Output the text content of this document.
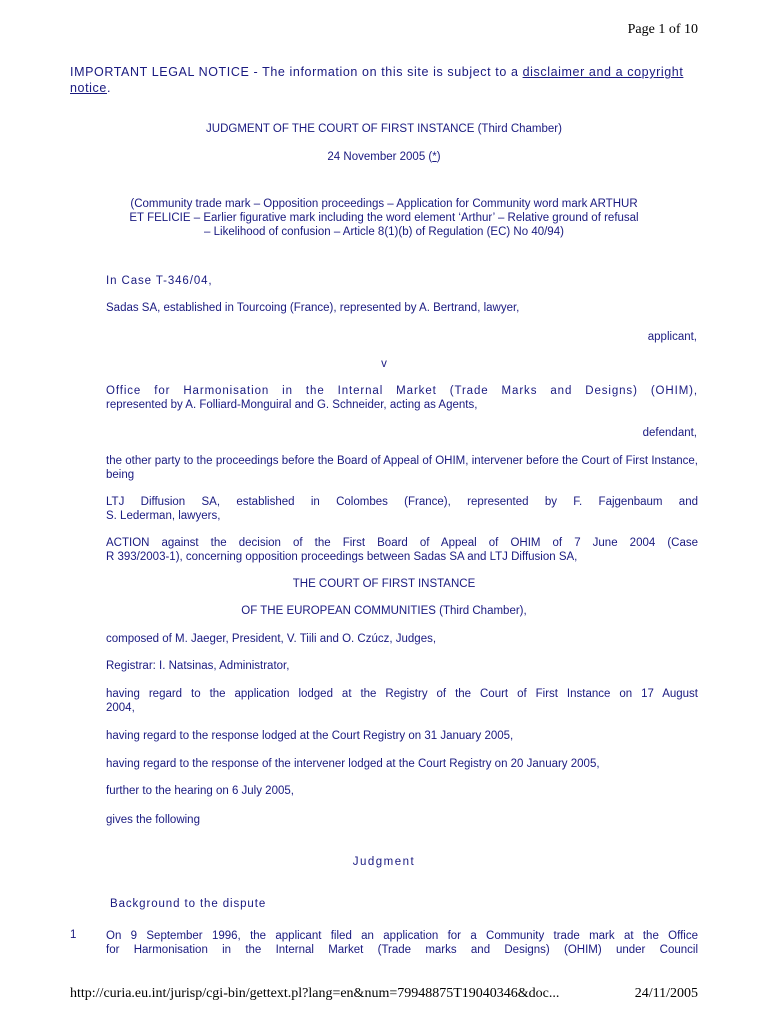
Page 1 of 10
IMPORTANT LEGAL NOTICE - The information on this site is subject to a disclaimer and a copyright notice.
JUDGMENT OF THE COURT OF FIRST INSTANCE (Third Chamber)
24 November 2005 (*)
(Community trade mark – Opposition proceedings – Application for Community word mark ARTHUR
ET FELICIE – Earlier figurative mark including the word element ‘Arthur’ – Relative ground of refusal
– Likelihood of confusion – Article 8(1)(b) of Regulation (EC) No 40/94)
In Case T-346/04,
Sadas SA, established in Tourcoing (France), represented by A. Bertrand, lawyer,
applicant,
v
Office for Harmonisation in the Internal Market (Trade Marks and Designs) (OHIM),
represented by A. Folliard-Monguiral and G. Schneider, acting as Agents,
defendant,
the other party to the proceedings before the Board of Appeal of OHIM, intervener before the Court of First Instance, being
LTJ Diffusion SA, established in Colombes (France), represented by F. Fajgenbaum and
S. Lederman, lawyers,
ACTION against the decision of the First Board of Appeal of OHIM of 7 June 2004 (Case
R 393/2003-1), concerning opposition proceedings between Sadas SA and LTJ Diffusion SA,
THE COURT OF FIRST INSTANCE
OF THE EUROPEAN COMMUNITIES (Third Chamber),
composed of M. Jaeger, President, V. Tiili and O. Czúcz, Judges,
Registrar: I. Natsinas, Administrator,
having regard to the application lodged at the Registry of the Court of First Instance on 17 August
2004,
having regard to the response lodged at the Court Registry on 31 January 2005,
having regard to the response of the intervener lodged at the Court Registry on 20 January 2005,
further to the hearing on 6 July 2005,
gives the following
Judgment
Background to the dispute
1	On 9 September 1996, the applicant filed an application for a Community trade mark at the Office
for Harmonisation in the Internal Market (Trade marks and Designs) (OHIM) under Council
http://curia.eu.int/jurisp/cgi-bin/gettext.pl?lang=en&num=79948875T19040346&doc...	24/11/2005
